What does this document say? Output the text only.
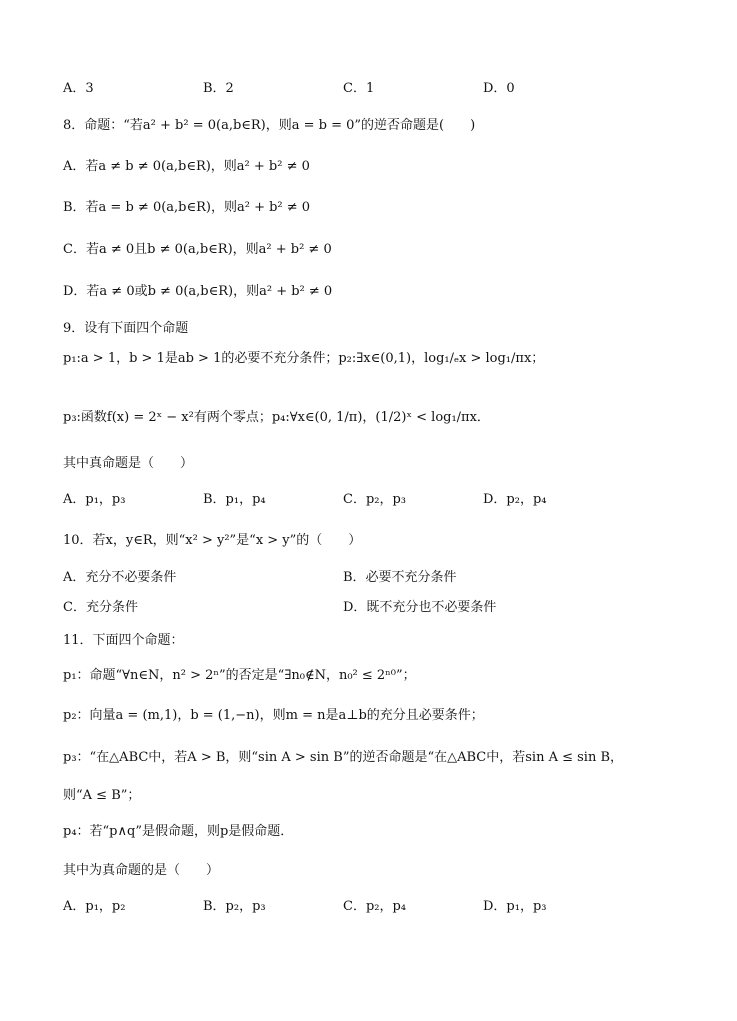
A．3	B．2	C．1	D．0
8．命题：“若a² + b² = 0(a,b∈R)，则a = b = 0”的逆否命题是(　　)
A．若a ≠ b ≠ 0(a,b∈R)，则a² + b² ≠ 0
B．若a = b ≠ 0(a,b∈R)，则a² + b² ≠ 0
C．若a ≠ 0且b ≠ 0(a,b∈R)，则a² + b² ≠ 0
D．若a ≠ 0或b ≠ 0(a,b∈R)，则a² + b² ≠ 0
9．设有下面四个命题
p₁:a > 1，b > 1是ab > 1的必要不充分条件；p₂:∃x∈(0,1)，log₁/ₑx > log₁/πx；
p₃:函数f(x) = 2ˣ − x²有两个零点；p₄:∀x∈(0, 1/π)，(1/2)ˣ < log₁/πx．
其中真命题是（　　）
A．p₁，p₃	B．p₁，p₄	C．p₂，p₃	D．p₂，p₄
10．若x，y∈R，则“x² > y²”是“x > y”的（　　）
A．充分不必要条件	B．必要不充分条件
C．充分条件	D．既不充分也不必要条件
11．下面四个命题：
p₁：命题“∀n∈N，n² > 2ⁿ”的否定是“∃n₀∉N，n₀² ≤ 2ⁿ⁰”；
p₂：向量a = (m,1)，b = (1,−n)，则m = n是a⊥b的充分且必要条件；
p₃：“在△ABC中，若A > B，则“sin A > sin B”的逆否命题是“在△ABC中，若sin A ≤ sin B，
则“A ≤ B”；
p₄：若“p∧q”是假命题，则p是假命题．
其中为真命题的是（　　）
A．p₁，p₂	B．p₂，p₃	C．p₂，p₄	D．p₁，p₃
